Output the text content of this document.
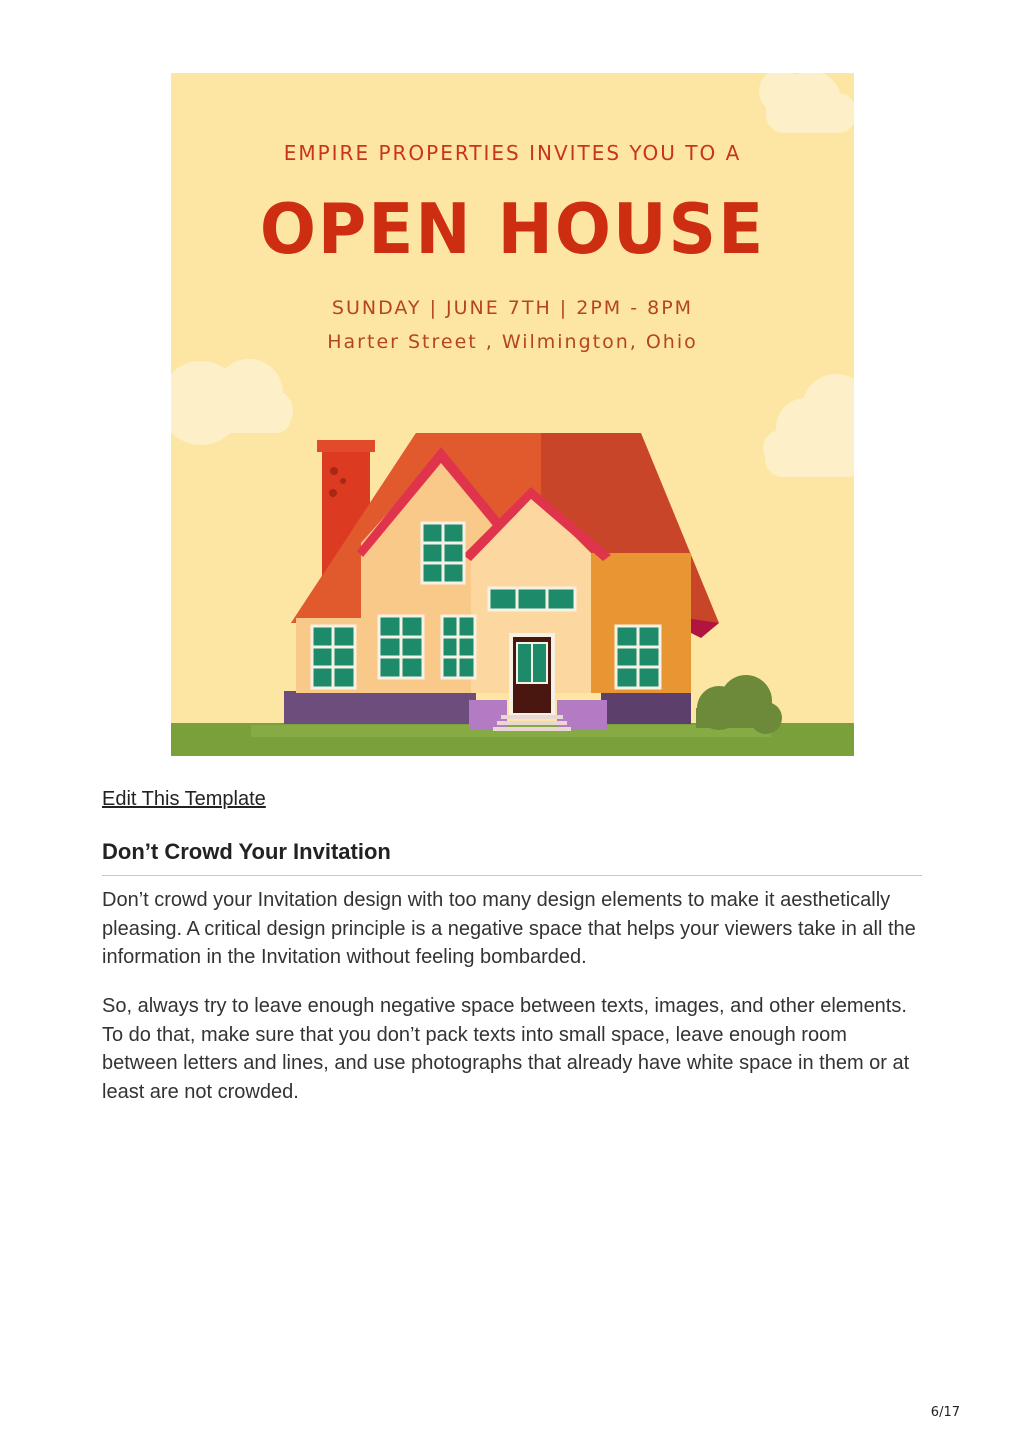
EMPIRE PROPERTIES INVITES YOU TO A
OPEN HOUSE
SUNDAY | JUNE 7TH | 2PM - 8PM
Harter Street , Wilmington, Ohio
Edit This Template
Don’t Crowd Your Invitation

Don’t crowd your Invitation design with too many design elements to make it aesthetically pleasing. A critical design principle is a negative space that helps your viewers take in all the information in the Invitation without feeling bombarded.

So, always try to leave enough negative space between texts, images, and other elements. To do that, make sure that you don’t pack texts into small space, leave enough room between letters and lines, and use photographs that already have white space in them or at least are not crowded.

6/17
